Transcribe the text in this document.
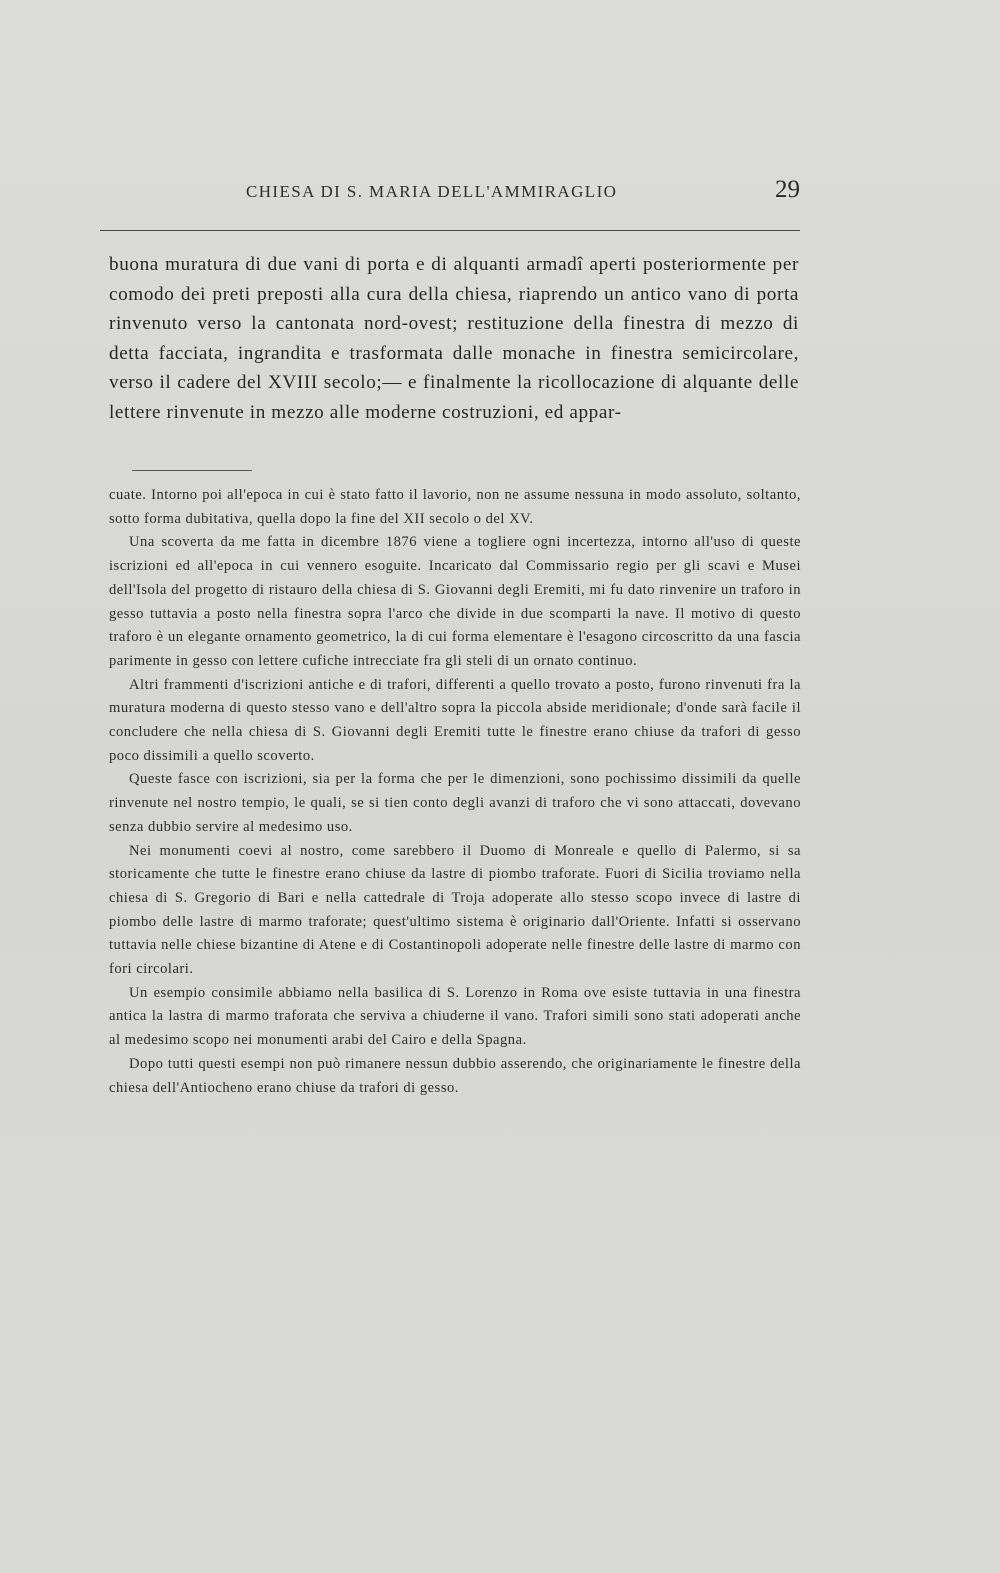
CHIESA DI S. MARIA DELL'AMMIRAGLIO	29

buona muratura di due vani di porta e di alquanti armadî aperti posteriormente per comodo dei preti preposti alla cura della chiesa, riaprendo un antico vano di porta rinvenuto verso la cantonata nord-ovest; restituzione della finestra di mezzo di detta facciata, ingrandita e trasformata dalle monache in finestra semicircolare, verso il cadere del XVIII secolo;— e finalmente la ricollocazione di alquante delle lettere rinvenute in mezzo alle moderne costruzioni, ed appar-

cuate. Intorno poi all'epoca in cui è stato fatto il lavorio, non ne assume nessuna in modo assoluto, soltanto, sotto forma dubitativa, quella dopo la fine del XII secolo o del XV.

Una scoverta da me fatta in dicembre 1876 viene a togliere ogni incertezza, intorno all'uso di queste iscrizioni ed all'epoca in cui vennero esoguite. Incaricato dal Commissario regio per gli scavi e Musei dell'Isola del progetto di ristauro della chiesa di S. Giovanni degli Eremiti, mi fu dato rinvenire un traforo in gesso tuttavia a posto nella finestra sopra l'arco che divide in due scomparti la nave. Il motivo di questo traforo è un elegante ornamento geometrico, la di cui forma elementare è l'esagono circoscritto da una fascia parimente in gesso con lettere cufiche intrecciate fra gli steli di un ornato continuo.

Altri frammenti d'iscrizioni antiche e di trafori, differenti a quello trovato a posto, furono rinvenuti fra la muratura moderna di questo stesso vano e dell'altro sopra la piccola abside meridionale; d'onde sarà facile il concludere che nella chiesa di S. Giovanni degli Eremiti tutte le finestre erano chiuse da trafori di gesso poco dissimili a quello scoverto.

Queste fasce con iscrizioni, sia per la forma che per le dimenzioni, sono pochissimo dissimili da quelle rinvenute nel nostro tempio, le quali, se si tien conto degli avanzi di traforo che vi sono attaccati, dovevano senza dubbio servire al medesimo uso.

Nei monumenti coevi al nostro, come sarebbero il Duomo di Monreale e quello di Palermo, si sa storicamente che tutte le finestre erano chiuse da lastre di piombo traforate. Fuori di Sicilia troviamo nella chiesa di S. Gregorio di Bari e nella cattedrale di Troja adoperate allo stesso scopo invece di lastre di piombo delle lastre di marmo traforate; quest'ultimo sistema è originario dall'Oriente. Infatti si osservano tuttavia nelle chiese bizantine di Atene e di Costantinopoli adoperate nelle finestre delle lastre di marmo con fori circolari.

Un esempio consimile abbiamo nella basilica di S. Lorenzo in Roma ove esiste tuttavia in una finestra antica la lastra di marmo traforata che serviva a chiuderne il vano. Trafori simili sono stati adoperati anche al medesimo scopo nei monumenti arabi del Cairo e della Spagna.

Dopo tutti questi esempi non può rimanere nessun dubbio asserendo, che originariamente le finestre della chiesa dell'Antiocheno erano chiuse da trafori di gesso.
